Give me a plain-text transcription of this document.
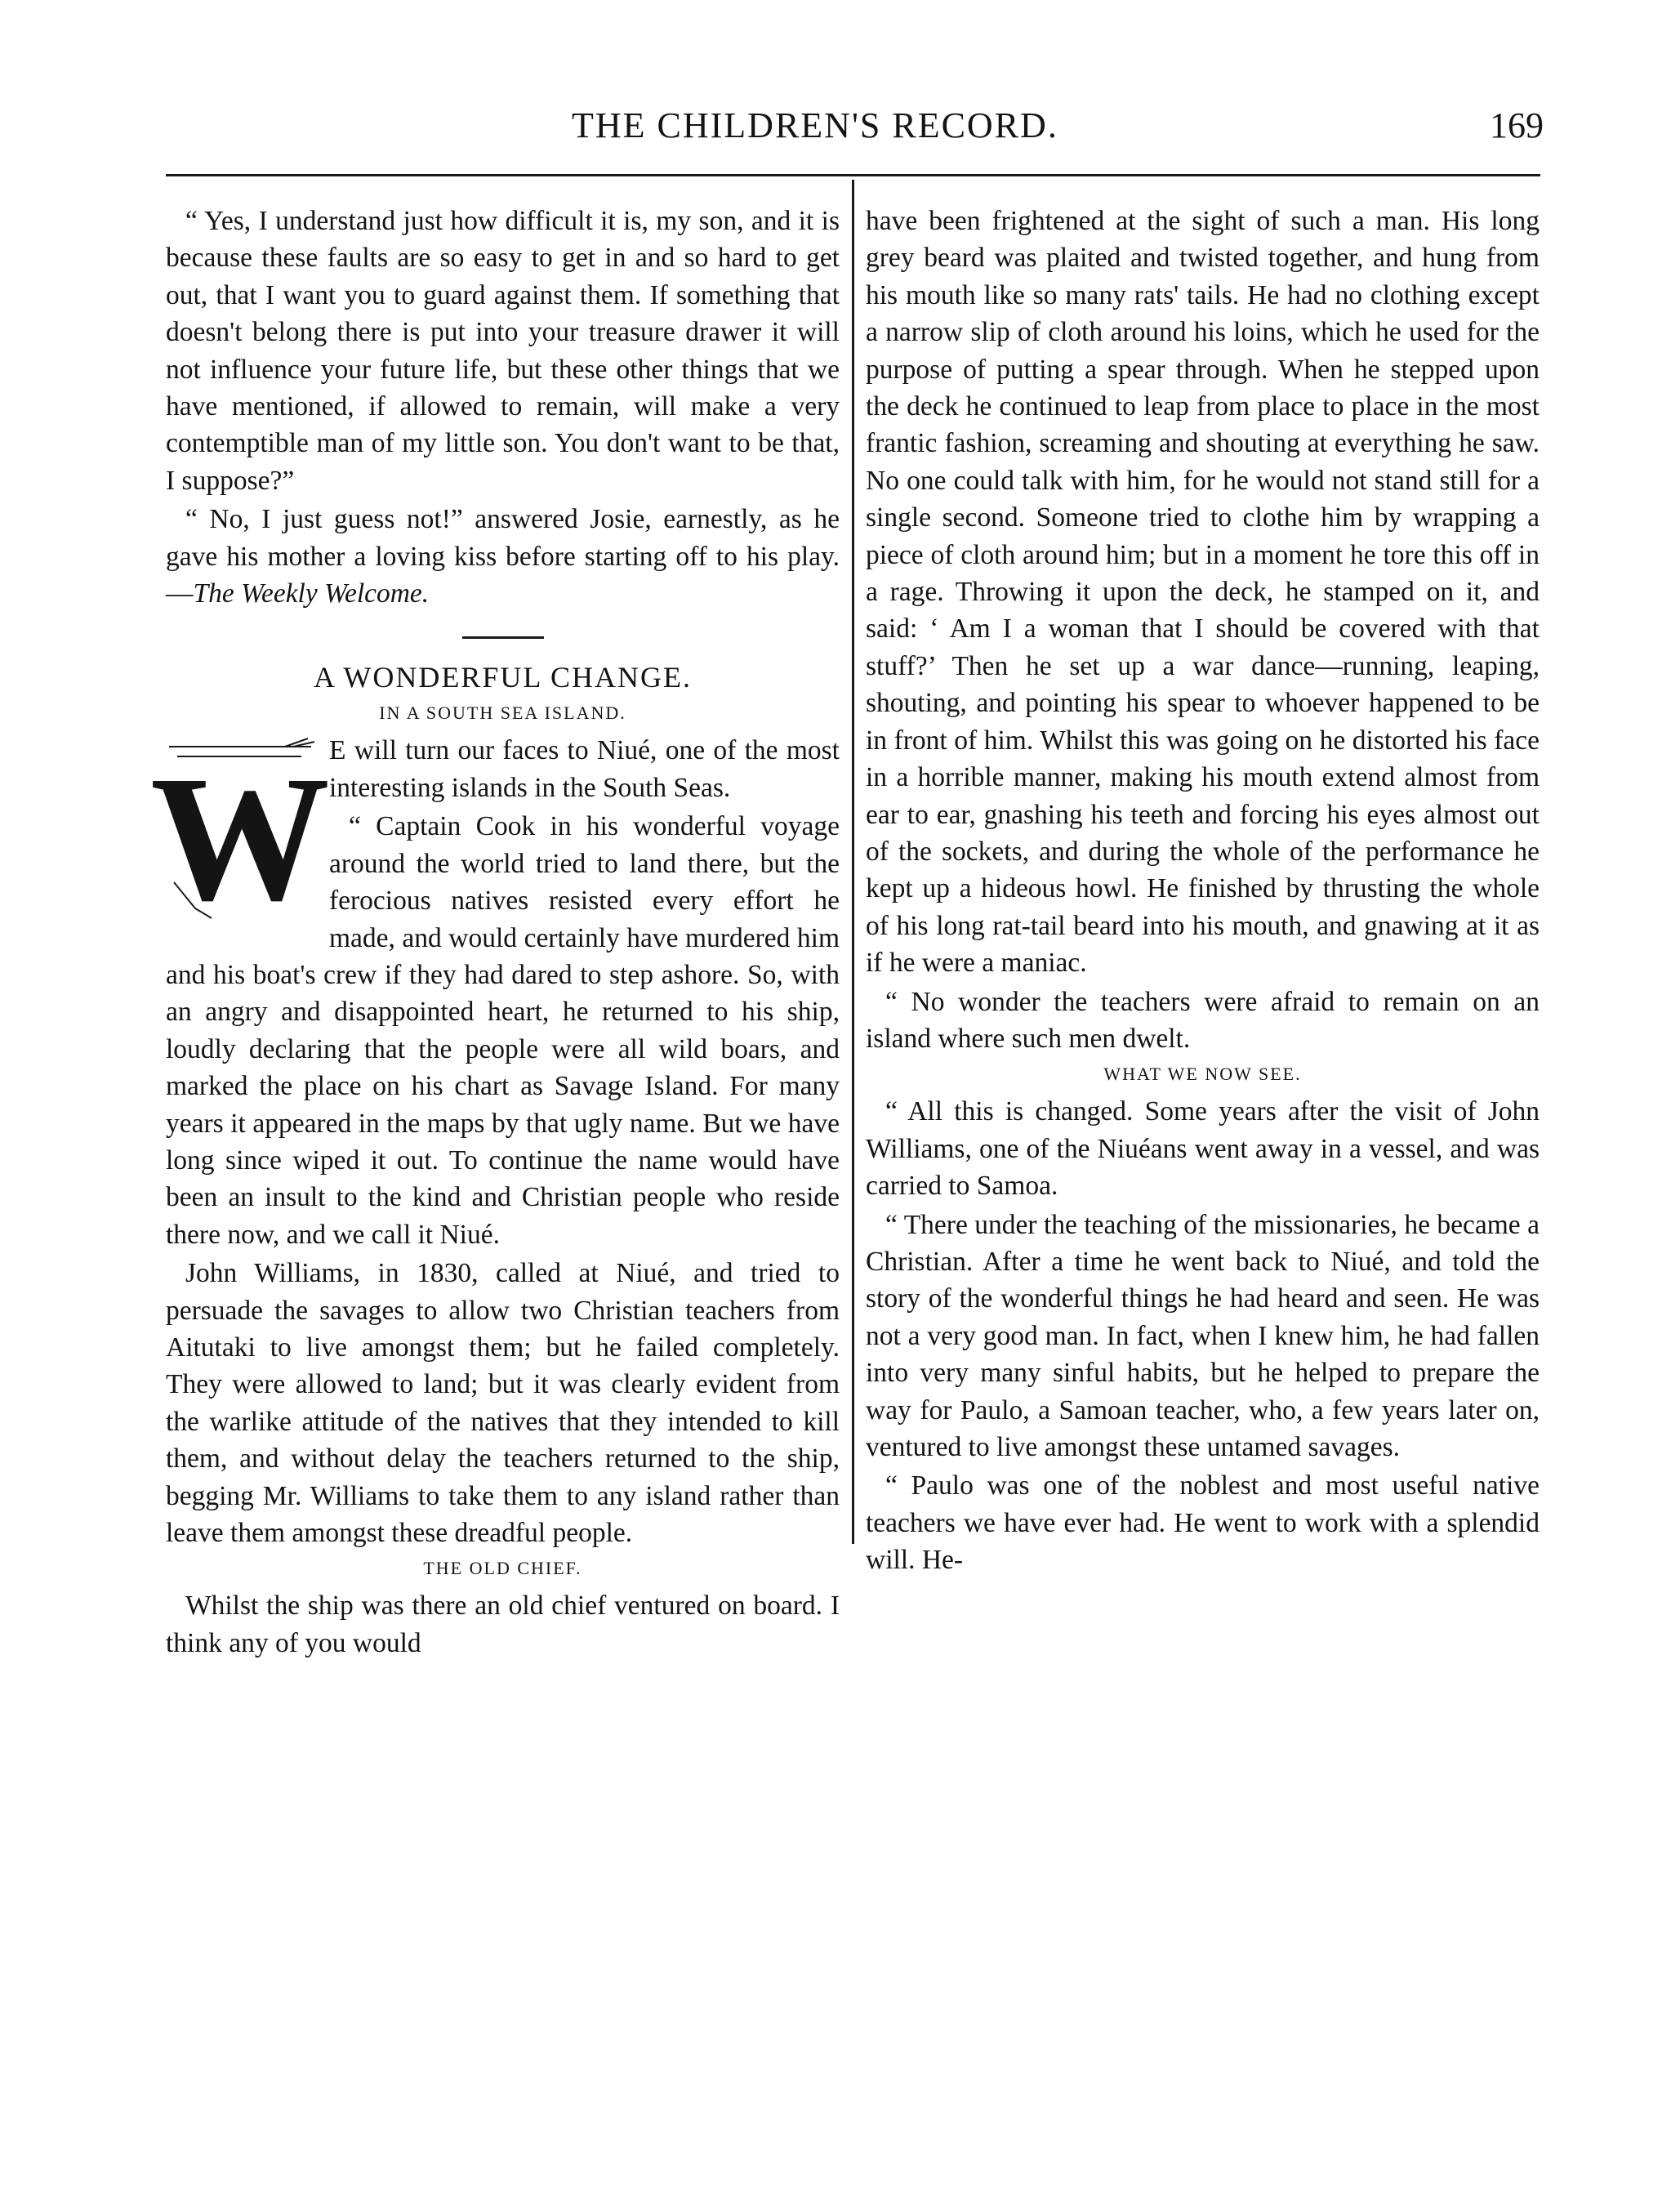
THE CHILDREN'S RECORD.	169

“ Yes, I understand just how difficult it is, my son, and it is because these faults are so easy to get in and so hard to get out, that I want you to guard against them. If something that doesn't belong there is put into your treasure drawer it will not influence your future life, but these other things that we have mentioned, if allowed to remain, will make a very contemptible man of my little son. You don't want to be that, I suppose?”

“ No, I just guess not!” answered Josie, earnestly, as he gave his mother a loving kiss before starting off to his play.—The Weekly Welcome.

A WONDERFUL CHANGE.
IN A SOUTH SEA ISLAND.

W E will turn our faces to Niué, one of the most interesting islands in the South Seas.

“ Captain Cook in his wonderful voyage around the world tried to land there, but the ferocious natives resisted every effort he made, and would certainly have murdered him and his boat's crew if they had dared to step ashore. So, with an angry and disappointed heart, he returned to his ship, loudly declaring that the people were all wild boars, and marked the place on his chart as Savage Island. For many years it appeared in the maps by that ugly name. But we have long since wiped it out. To continue the name would have been an insult to the kind and Christian people who reside there now, and we call it Niué.

John Williams, in 1830, called at Niué, and tried to persuade the savages to allow two Christian teachers from Aitutaki to live amongst them; but he failed completely. They were allowed to land; but it was clearly evident from the warlike attitude of the natives that they intended to kill them, and without delay the teachers returned to the ship, begging Mr. Williams to take them to any island rather than leave them amongst these dreadful people.

THE OLD CHIEF.

Whilst the ship was there an old chief ventured on board. I think any of you would

have been frightened at the sight of such a man. His long grey beard was plaited and twisted together, and hung from his mouth like so many rats' tails. He had no clothing except a narrow slip of cloth around his loins, which he used for the purpose of putting a spear through. When he stepped upon the deck he continued to leap from place to place in the most frantic fashion, screaming and shouting at everything he saw. No one could talk with him, for he would not stand still for a single second. Someone tried to clothe him by wrapping a piece of cloth around him; but in a moment he tore this off in a rage. Throwing it upon the deck, he stamped on it, and said: ‘ Am I a woman that I should be covered with that stuff?’ Then he set up a war dance—running, leaping, shouting, and pointing his spear to whoever happened to be in front of him. Whilst this was going on he distorted his face in a horrible manner, making his mouth extend almost from ear to ear, gnashing his teeth and forcing his eyes almost out of the sockets, and during the whole of the performance he kept up a hideous howl. He finished by thrusting the whole of his long rat-tail beard into his mouth, and gnawing at it as if he were a maniac.

“ No wonder the teachers were afraid to remain on an island where such men dwelt.

WHAT WE NOW SEE.

“ All this is changed. Some years after the visit of John Williams, one of the Niuéans went away in a vessel, and was carried to Samoa.

“ There under the teaching of the missionaries, he became a Christian. After a time he went back to Niué, and told the story of the wonderful things he had heard and seen. He was not a very good man. In fact, when I knew him, he had fallen into very many sinful habits, but he helped to prepare the way for Paulo, a Samoan teacher, who, a few years later on, ventured to live amongst these untamed savages.

“ Paulo was one of the noblest and most useful native teachers we have ever had. He went to work with a splendid will. He-
